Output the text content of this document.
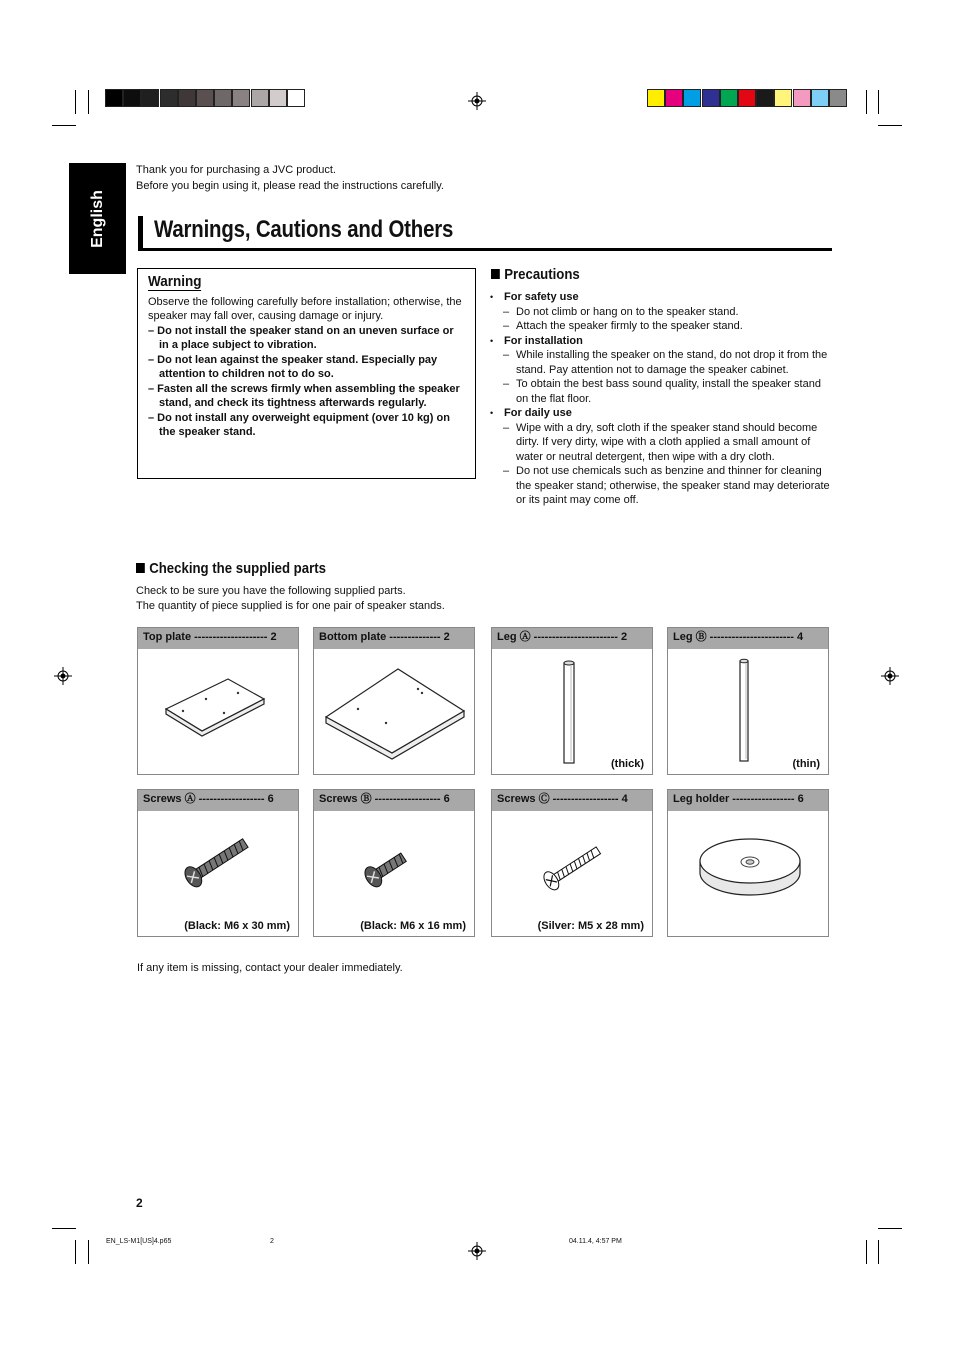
English
Thank you for purchasing a JVC product.
Before you begin using it, please read the instructions carefully.
Warnings, Cautions and Others
Warning
Observe the following carefully before installation; otherwise, the speaker may fall over, causing damage or injury.
– Do not install the speaker stand on an uneven surface or in a place subject to vibration.
– Do not lean against the speaker stand. Especially pay attention to children not to do so.
– Fasten all the screws firmly when assembling the speaker stand, and check its tightness afterwards regularly.
– Do not install any overweight equipment (over 10 kg) on the speaker stand.
Precautions
• For safety use
– Do not climb or hang on to the speaker stand.
– Attach the speaker firmly to the speaker stand.
• For installation
– While installing the speaker on the stand, do not drop it from the stand. Pay attention not to damage the speaker cabinet.
– To obtain the best bass sound quality, install the speaker stand on the flat floor.
• For daily use
– Wipe with a dry, soft cloth if the speaker stand should become dirty. If very dirty, wipe with a cloth applied a small amount of water or neutral detergent, then wipe with a dry cloth.
– Do not use chemicals such as benzine and thinner for cleaning the speaker stand; otherwise, the speaker stand may deteriorate or its paint may come off.
Checking the supplied parts
Check to be sure you have the following supplied parts.
The quantity of piece supplied is for one pair of speaker stands.
Top plate -------------------- 2	Bottom plate -------------- 2	Leg Ⓐ ----------------------- 2
(thick)
Leg Ⓑ ----------------------- 4
(thin)
Screws Ⓐ ------------------ 6
(Black: M6 x 30 mm)
Screws Ⓑ ------------------ 6
(Black: M6 x 16 mm)
Screws Ⓒ ------------------ 4
(Silver: M5 x 28 mm)
Leg holder ----------------- 6
If any item is missing, contact your dealer immediately.
2
EN_LS-M1[US]4.p65	2	04.11.4, 4:57 PM
